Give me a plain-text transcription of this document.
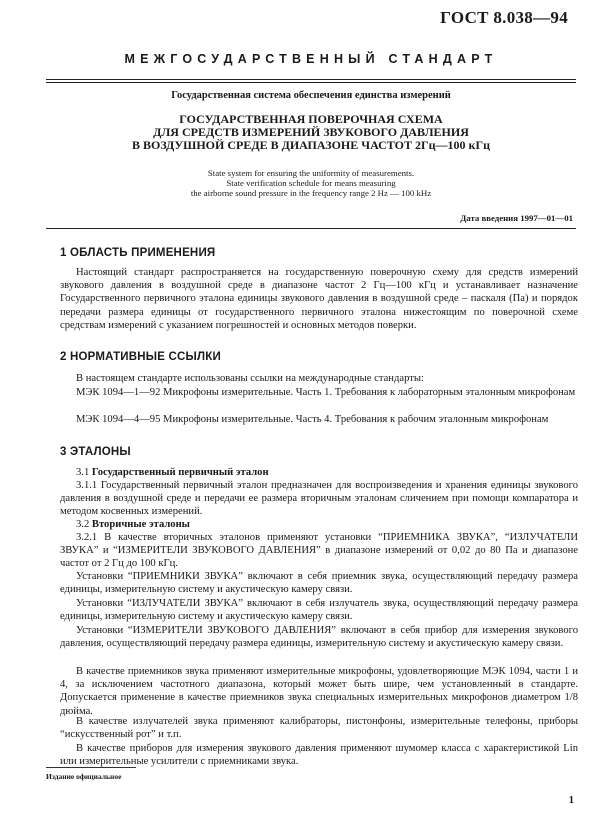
ГОСТ 8.038—94
МЕЖГОСУДАРСТВЕННЫЙ СТАНДАРТ
Государственная система обеспечения единства измерений
ГОСУДАРСТВЕННАЯ ПОВЕРОЧНАЯ СХЕМА
ДЛЯ СРЕДСТВ ИЗМЕРЕНИЙ ЗВУКОВОГО ДАВЛЕНИЯ
В ВОЗДУШНОЙ СРЕДЕ В ДИАПАЗОНЕ ЧАСТОТ 2Гц—100 кГц
State system for ensuring the uniformity of measurements.
State verification schedule for means measuring
the airborne sound pressure in the frequency range 2 Hz — 100 kHz
Дата введения 1997—01—01
1 ОБЛАСТЬ ПРИМЕНЕНИЯ

Настоящий стандарт распространяется на государственную поверочную схему для средств измерений звукового давления в воздушной среде в диапазоне частот 2 Гц—100 кГц и устанавливает назначение Государственного первичного эталона единицы звукового давления в воздушной среде – паскаля (Па) и порядок передачи размера единицы от государственного первичного эталона нижестоящим по поверочной схеме средствам измерений с указанием погрешностей и основных методов поверки.

2 НОРМАТИВНЫЕ ССЫЛКИ

В настоящем стандарте использованы ссылки на международные стандарты:

МЭК 1094—1—92 Микрофоны измерительные. Часть 1. Требования к лабораторным эталонным микрофонам

МЭК 1094—4—95 Микрофоны измерительные. Часть 4. Требования к рабочим эталонным микрофонам

3 ЭТАЛОНЫ

3.1 Государственный первичный эталон

3.1.1 Государственный первичный эталон предназначен для воспроизведения и хранения единицы звукового давления в воздушной среде и передачи ее размера вторичным эталонам сличением при помощи компаратора и методом косвенных измерений.

3.2 Вторичные эталоны

3.2.1 В качестве вторичных эталонов применяют установки “ПРИЕМНИКА ЗВУКА”, “ИЗЛУЧАТЕЛИ ЗВУКА” и “ИЗМЕРИТЕЛИ ЗВУКОВОГО ДАВЛЕНИЯ” в диапазоне измерений от 0,02 до 80 Па и диапазоне частот от 2 Гц до 100 кГц.

Установки “ПРИЕМНИКИ ЗВУКА” включают в себя приемник звука, осуществляющий передачу размера единицы, измерительную систему и акустическую камеру связи.

Установки “ИЗЛУЧАТЕЛИ ЗВУКА” включают в себя излучатель звука, осуществляющий передачу размера единицы, измерительную систему и акустическую камеру связи.

Установки “ИЗМЕРИТЕЛИ ЗВУКОВОГО ДАВЛЕНИЯ” включают в себя прибор для измерения звукового давления, осуществляющий передачу размера единицы, измерительную систему и акустическую камеру связи.

В качестве приемников звука применяют измерительные микрофоны, удовлетворяющие МЭК 1094, части 1 и 4, за исключением частотного диапазона, который может быть шире, чем установленный в стандарте. Допускается применение в качестве приемников звука специальных измерительных микрофонов диаметром 1/8 дюйма.

В качестве излучателей звука применяют калибраторы, пистонфоны, измерительные телефоны, приборы “искусственный рот” и т.п.

В качестве приборов для измерения звукового давления применяют шумомер класса с характеристикой Lin или измерительные усилители с приемниками звука.

Издание официальное
1
